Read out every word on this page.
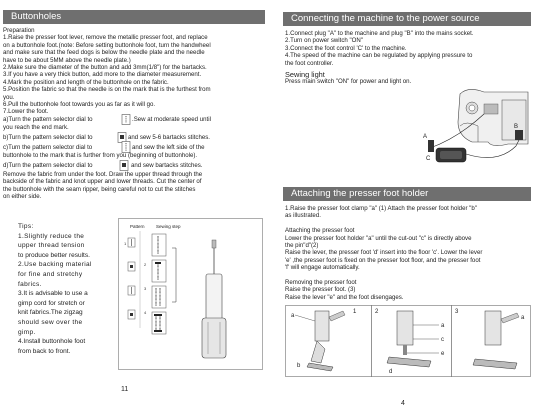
Buttonholes
Preparation
1.Raise the presser foot lever, remove the metallic presser foot, and replace
on a buttonhole foot.(note: Before setting buttonhole foot, turn the handwheel
and make sure that the feed dogs is below the needle plate and the needle
have to be about 5MM above the needle plate.)
2.Make sure the diameter of the button and add 3mm(1/8") for the bartacks.
3.If you have a very thick button, add more to the diameter measurement.
4.Mark the position and length of the buttonhole on the fabric.
5.Position the fabric so that the needle is on the mark that is the furthest from
you.
6.Pull the buttonhole foot towards you as far as it will go.
7.Lower the foot.
a)Turn the pattern selector dial to	.Sew at moderate speed until
you reach the end mark.
b)Turn the pattern selector dial to	and sew 5-6 bartacks stitches.
c)Turn the pattern selector dial to	and sew the left side of the
buttonhole to the mark that is further from you (beginning of buttonhole).
d)Turn the pattern selector dial to	and sew bartacks stitches.
Remove the fabric from under the foot. Draw the upper thread through the
backside of the fabric and knot upper and lower threads. Cut the center of
the buttonhole with the seam ripper, being careful not to cut the stitches
on either side.
Tips:
1.Slightly reduce the
upper thread tension
to produce better results.
2.Use backing material
for fine and stretchy
fabrics.
3.It is advisable to use a
gimp cord for stretch or
knit fabrics.The zigzag
should sew over the
gimp.
4.Install buttonhole foot
from back to front.
Pattern	Sewing step
1
2
3
4
11
Connecting the machine to the power source
1.Connect plug "A" to the machine and plug "B" into the mains socket.
2.Turn on power switch "ON"
3.Connect the foot control 'C' to the machine.
4.The speed of the machine can be regulated by applying pressure to
the foot controller.
Sewing light
Press main switch "ON" for power and light on.
A
B
C
Attaching the presser foot holder
1.Raise the presser foot clamp "a" (1) Attach the presser foot holder "b"
as illustrated.
Attaching the presser foot
Lower the presser foot holder "a" until the cut-out "c" is directly above
the pin"d"(2)
Raise the lever, the presser foot 'd' insert into the floor 'c'. Lower the lever
'e' ,the presser foot is fixed on the presser foot floor, and the presser foot
'f' will engage automatically.
Removing the presser foot
Raise the presser foot. (3)
Raise the lever "e" and the foot disengages.
1	2	3
a
b
a
c
d
e
a
4
